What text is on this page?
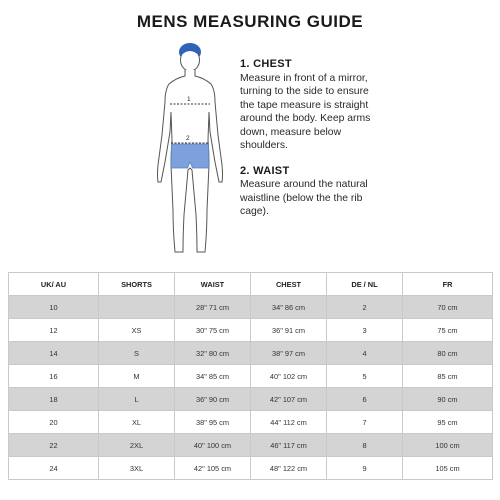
MENS MEASURING GUIDE
1
2
1. CHEST

Measure in front of a mirror, turning to the side to ensure the tape measure is straight around the body. Keep arms down, measure below shoulders.

2. WAIST

Measure around the natural waistline (below the the rib cage).

UK/ AU	SHORTS	WAIST	CHEST	DE / NL	FR
10		28" 71 cm	34" 86 cm	2	70 cm
12	XS	30" 75 cm	36" 91 cm	3	75 cm
14	S	32" 80 cm	38" 97 cm	4	80 cm
16	M	34" 85 cm	40" 102 cm	5	85 cm
18	L	36" 90 cm	42" 107 cm	6	90 cm
20	XL	38" 95 cm	44" 112 cm	7	95 cm
22	2XL	40" 100 cm	46" 117 cm	8	100 cm
24	3XL	42" 105 cm	48" 122 cm	9	105 cm
